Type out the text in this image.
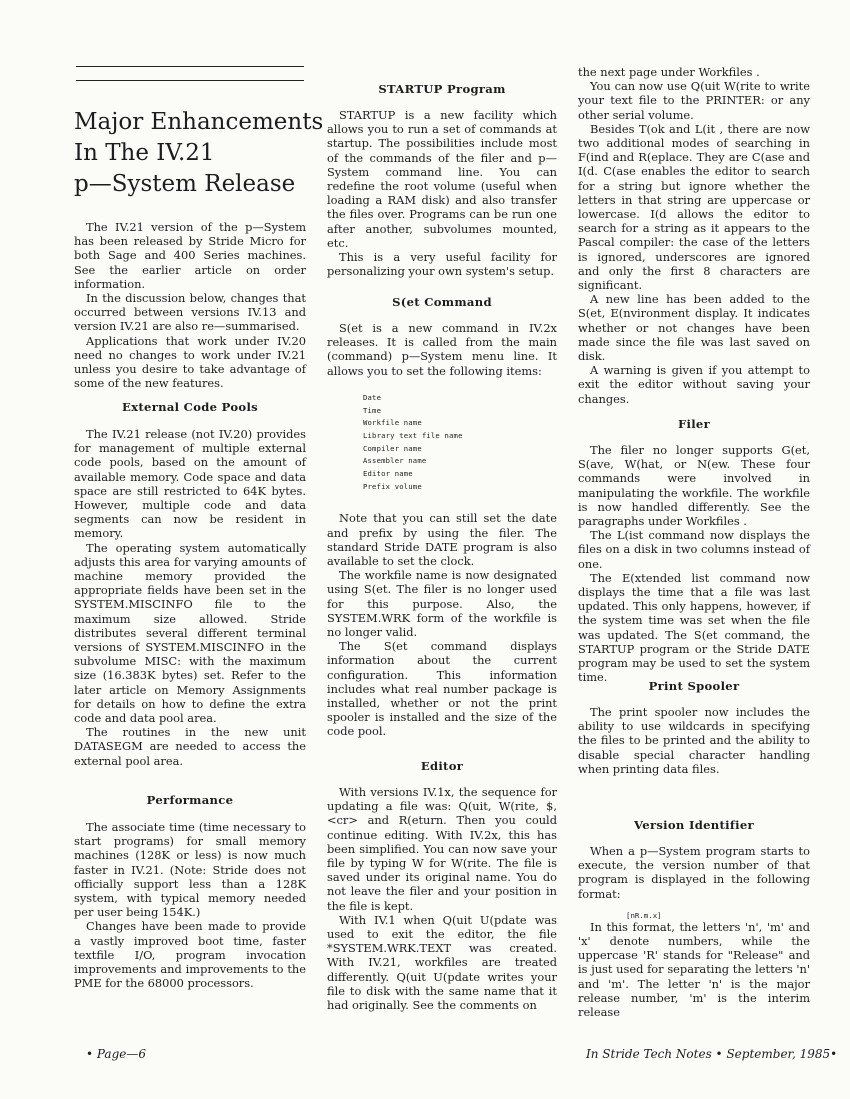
Major Enhancements
In The IV.21
p—System Release

The IV.21 version of the p—System has been released by Stride Micro for both Sage and 400 Series machines. See the earlier article on order information.

In the discussion below, changes that occurred between versions IV.13 and version IV.21 are also re—summarised.

Applications that work under IV.20 need no changes to work under IV.21 unless you desire to take advantage of some of the new features.

External Code Pools

The IV.21 release (not IV.20) provides for management of multiple external code pools, based on the amount of available memory. Code space and data space are still restricted to 64K bytes. However, multiple code and data segments can now be resident in memory.

The operating system automatically adjusts this area for varying amounts of machine memory provided the appropriate fields have been set in the SYSTEM.MISCINFO file to the maximum size allowed. Stride distributes several different terminal versions of SYSTEM.MISCINFO in the subvolume MISC: with the maximum size (16.383K bytes) set. Refer to the later article on Memory Assignments for details on how to define the extra code and data pool area.

The routines in the new unit DATASEGM are needed to access the external pool area.

Performance

The associate time (time necessary to start programs) for small memory machines (128K or less) is now much faster in IV.21. (Note: Stride does not officially support less than a 128K system, with typical memory needed per user being 154K.)

Changes have been made to provide a vastly improved boot time, faster textfile I/O, program invocation improvements and improvements to the PME for the 68000 processors.

STARTUP Program

STARTUP is a new facility which allows you to run a set of commands at startup. The possibilities include most of the commands of the filer and p—System command line. You can redefine the root volume (useful when loading a RAM disk) and also transfer the files over. Programs can be run one after another, subvolumes mounted, etc.

This is a very useful facility for personalizing your own system's setup.

S(et Command

S(et is a new command in IV.2x releases. It is called from the main (command) p—System menu line. It allows you to set the following items:

Date

Time

Workfile name

Library text file name

Compiler name

Assembler name

Editor name

Prefix volume

Note that you can still set the date and prefix by using the filer. The standard Stride DATE program is also available to set the clock.

The workfile name is now designated using S(et. The filer is no longer used for this purpose. Also, the SYSTEM.WRK form of the workfile is no longer valid.

The S(et command displays information about the current configuration. This information includes what real number package is installed, whether or not the print spooler is installed and the size of the code pool.

Editor

With versions IV.1x, the sequence for updating a file was: Q(uit, W(rite, $, <cr> and R(eturn. Then you could continue editing. With IV.2x, this has been simplified. You can now save your file by typing W for W(rite. The file is saved under its original name. You do not leave the filer and your position in the file is kept.

With IV.1 when Q(uit U(pdate was used to exit the editor, the file *SYSTEM.WRK.TEXT was created. With IV.21, workfiles are treated differently. Q(uit U(pdate writes your file to disk with the same name that it had originally. See the comments on

the next page under Workfiles .

You can now use Q(uit W(rite to write your text file to the PRINTER: or any other serial volume.

Besides T(ok and L(it , there are now two additional modes of searching in F(ind and R(eplace. They are C(ase and I(d. C(ase enables the editor to search for a string but ignore whether the letters in that string are uppercase or lowercase. I(d allows the editor to search for a string as it appears to the Pascal compiler: the case of the letters is ignored, underscores are ignored and only the first 8 characters are significant.

A new line has been added to the S(et, E(nvironment display. It indicates whether or not changes have been made since the file was last saved on disk.

A warning is given if you attempt to exit the editor without saving your changes.

Filer

The filer no longer supports G(et, S(ave, W(hat, or N(ew. These four commands were involved in manipulating the workfile. The workfile is now handled differently. See the paragraphs under Workfiles .

The L(ist command now displays the files on a disk in two columns instead of one.

The E(xtended list command now displays the time that a file was last updated. This only happens, however, if the system time was set when the file was updated. The S(et command, the STARTUP program or the Stride DATE program may be used to set the system time.

Print Spooler

The print spooler now includes the ability to use wildcards in specifying the files to be printed and the ability to disable special character handling when printing data files.

Version Identifier

When a p—System program starts to execute, the version number of that program is displayed in the following format:

[nR.m.x]

In this format, the letters 'n', 'm' and 'x' denote numbers, while the uppercase 'R' stands for "Release" and is just used for separating the letters 'n' and 'm'. The letter 'n' is the major release number, 'm' is the interim release

• Page—6	In Stride Tech Notes • September, 1985•
